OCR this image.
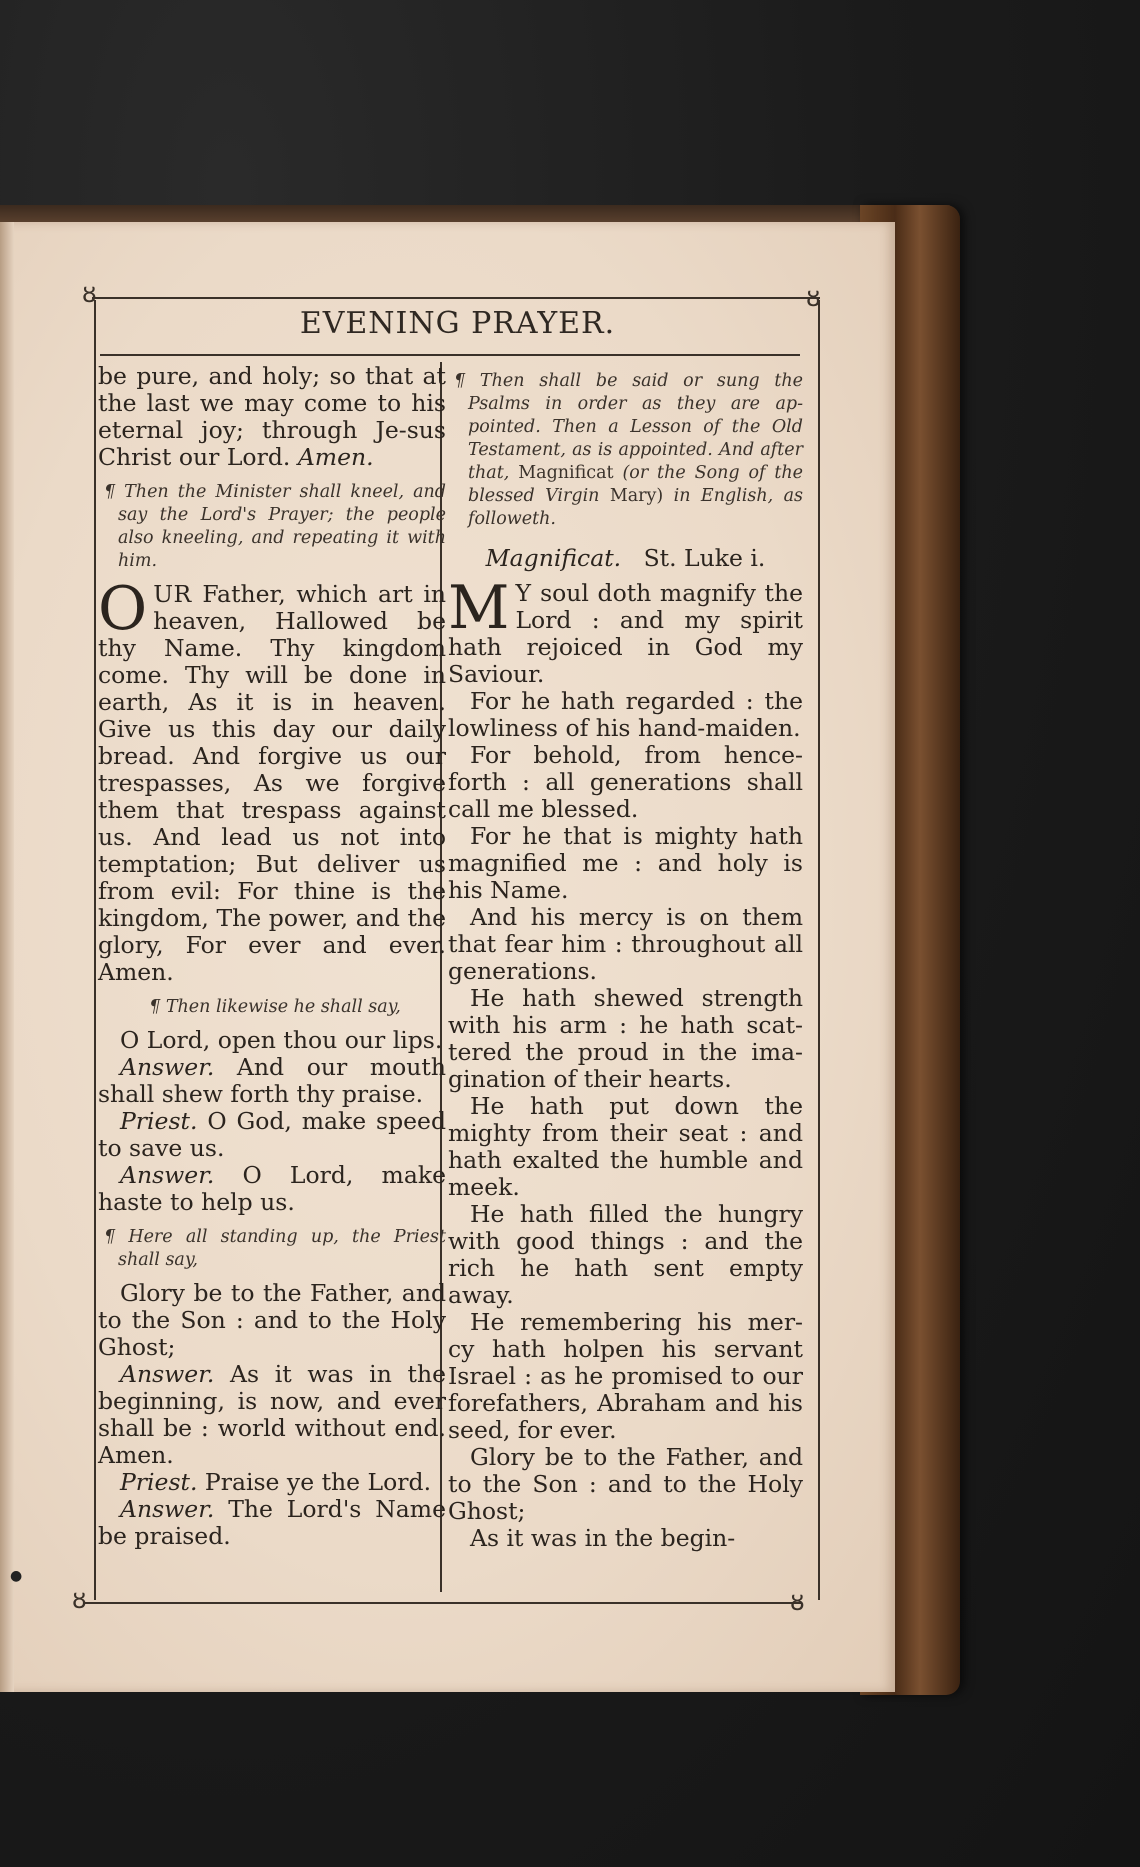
ȣ	ȣ
ȣ	ȣ
EVENING PRAYER.

be pure, and holy; so that at the last we may come to his eternal joy; through Je-sus Christ our Lord. Amen.

¶ Then the Minister shall kneel, and say the Lord's Prayer; the people also kneeling, and repeating it with him.

OUR Father, which art in heaven, Hallowed be thy Name. Thy kingdom come. Thy will be done in earth, As it is in heaven. Give us this day our daily bread. And forgive us our trespasses, As we forgive them that trespass against us. And lead us not into temptation; But deliver us from evil: For thine is the kingdom, The power, and the glory, For ever and ever. Amen.

¶ Then likewise he shall say,

O Lord, open thou our lips.

Answer. And our mouth shall shew forth thy praise.

Priest. O God, make speed to save us.

Answer. O Lord, make haste to help us.

¶ Here all standing up, the Priest shall say,

Glory be to the Father, and to the Son : and to the Holy Ghost;

Answer. As it was in the beginning, is now, and ever shall be : world without end. Amen.

Priest. Praise ye the Lord.

Answer. The Lord's Name be praised.

¶ Then shall be said or sung the Psalms in order as they are ap-pointed. Then a Lesson of the Old Testament, as is appointed. And after that, Magnificat (or the Song of the blessed Virgin Mary) in English, as followeth.

Magnificat. St. Luke i.

M Y soul doth magnify the Lord : and my spirit hath rejoiced in God my Saviour.

For he hath regarded : the lowliness of his hand-maiden.

For behold, from hence-forth : all generations shall call me blessed.

For he that is mighty hath magnified me : and holy is his Name.

And his mercy is on them that fear him : throughout all generations.

He hath shewed strength with his arm : he hath scat-tered the proud in the ima-gination of their hearts.

He hath put down the mighty from their seat : and hath exalted the humble and meek.

He hath filled the hungry with good things : and the rich he hath sent empty away.

He remembering his mer-cy hath holpen his servant Israel : as he promised to our forefathers, Abraham and his seed, for ever.

Glory be to the Father, and to the Son : and to the Holy Ghost;

As it was in the begin-

●
